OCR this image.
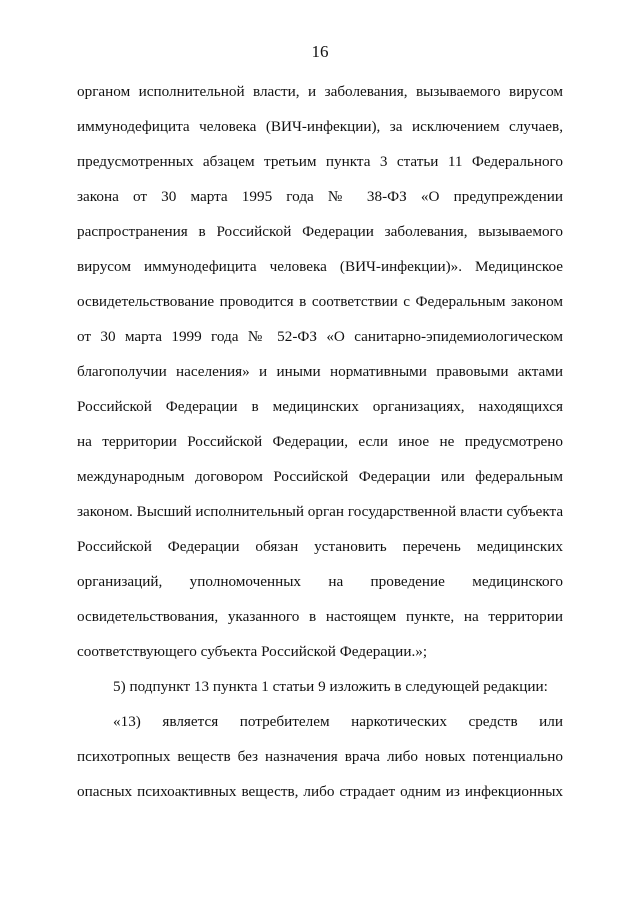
16
органом исполнительной власти, и заболевания, вызываемого вирусом
иммунодефицита человека (ВИЧ-инфекции), за исключением случаев,
предусмотренных абзацем третьим пункта 3 статьи 11 Федерального
закона от 30 марта 1995 года № 38-ФЗ «О предупреждении
распространения в Российской Федерации заболевания, вызываемого
вирусом иммунодефицита человека (ВИЧ-инфекции)». Медицинское
освидетельствование проводится в соответствии с Федеральным законом
от 30 марта 1999 года № 52-ФЗ «О санитарно-эпидемиологическом
благополучии населения» и иными нормативными правовыми актами
Российской Федерации в медицинских организациях, находящихся
на территории Российской Федерации, если иное не предусмотрено
международным договором Российской Федерации или федеральным
законом. Высший исполнительный орган государственной власти субъекта
Российской Федерации обязан установить перечень медицинских
организаций, уполномоченных на проведение медицинского
освидетельствования, указанного в настоящем пункте, на территории
соответствующего субъекта Российской Федерации.»;
5) подпункт 13 пункта 1 статьи 9 изложить в следующей редакции:
«13) является потребителем наркотических средств или
психотропных веществ без назначения врача либо новых потенциально
опасных психоактивных веществ, либо страдает одним из инфекционных
